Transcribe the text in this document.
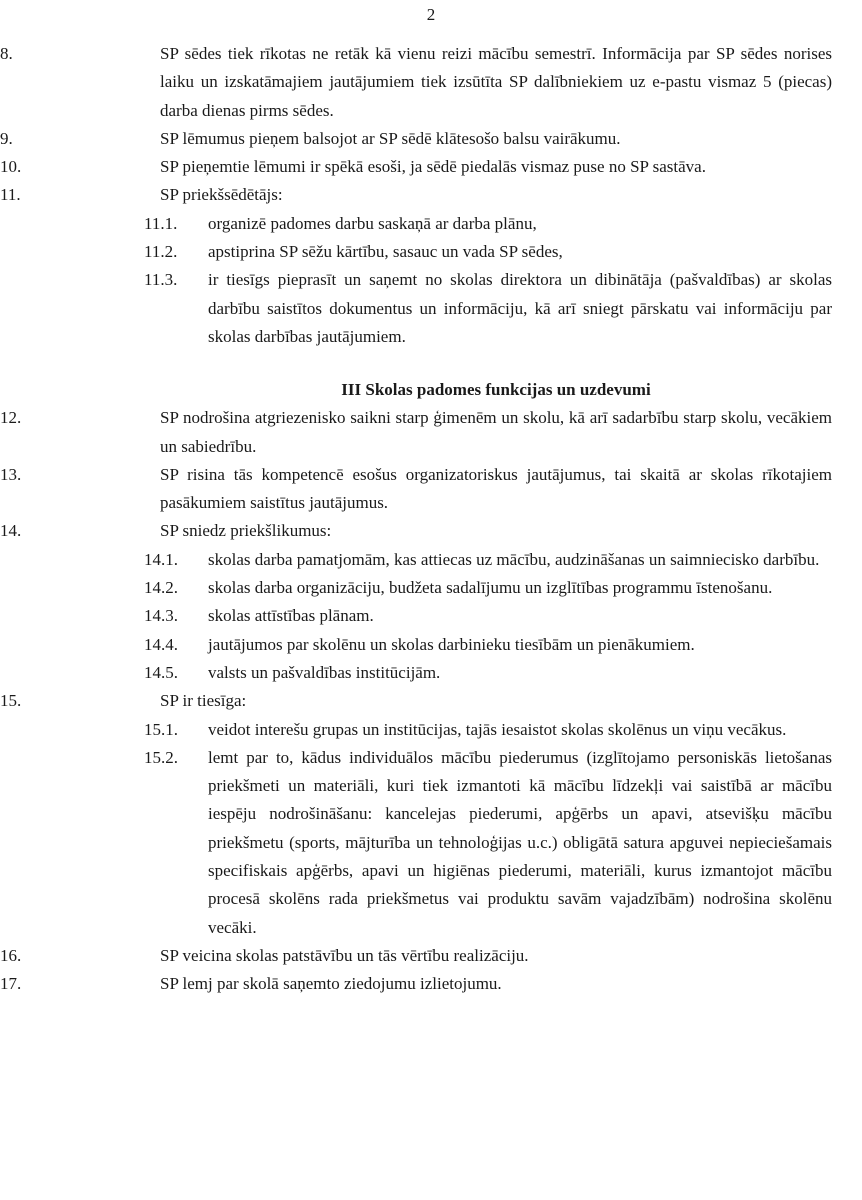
2
8.	SP sēdes tiek rīkotas ne retāk kā vienu reizi mācību semestrī. Informācija par SP sēdes norises laiku un izskatāmajiem jautājumiem tiek izsūtīta SP dalībniekiem uz e-pastu vismaz 5 (piecas) darba dienas pirms sēdes.
9.	SP lēmumus pieņem balsojot ar SP sēdē klātesošo balsu vairākumu.
10.	SP pieņemtie lēmumi ir spēkā esoši, ja sēdē piedalās vismaz puse no SP sastāva.
11.	SP priekšsēdētājs:
11.1.	organizē padomes darbu saskaņā ar darba plānu,
11.2.	apstiprina SP sēžu kārtību, sasauc un vada SP sēdes,
11.3.	ir tiesīgs pieprasīt un saņemt no skolas direktora un dibinātāja (pašvaldības) ar skolas darbību saistītos dokumentus un informāciju, kā arī sniegt pārskatu vai informāciju par skolas darbības jautājumiem.
III Skolas padomes funkcijas un uzdevumi
12.	SP nodrošina atgriezenisko saikni starp ģimenēm un skolu, kā arī sadarbību starp skolu, vecākiem un sabiedrību.
13.	SP risina tās kompetencē esošus organizatoriskus jautājumus, tai skaitā ar skolas rīkotajiem pasākumiem saistītus jautājumus.
14.	SP sniedz priekšlikumus:
14.1.	skolas darba pamatjomām, kas attiecas uz mācību, audzināšanas un saimniecisko darbību.
14.2.	skolas darba organizāciju, budžeta sadalījumu un izglītības programmu īstenošanu.
14.3.	skolas attīstības plānam.
14.4.	jautājumos par skolēnu un skolas darbinieku tiesībām un pienākumiem.
14.5.	valsts un pašvaldības institūcijām.
15.	SP ir tiesīga:
15.1.	veidot interešu grupas un institūcijas, tajās iesaistot skolas skolēnus un viņu vecākus.
15.2.	lemt par to, kādus individuālos mācību piederumus (izglītojamo personiskās lietošanas priekšmeti un materiāli, kuri tiek izmantoti kā mācību līdzekļi vai saistībā ar mācību iespēju nodrošināšanu: kancelejas piederumi, apģērbs un apavi, atsevišķu mācību priekšmetu (sports, mājturība un tehnoloģijas u.c.) obligātā satura apguvei nepieciešamais specifiskais apģērbs, apavi un higiēnas piederumi, materiāli, kurus izmantojot mācību procesā skolēns rada priekšmetus vai produktu savām vajadzībām) nodrošina skolēnu vecāki.
16.	SP veicina skolas patstāvību un tās vērtību realizāciju.
17.	SP lemj par skolā saņemto ziedojumu izlietojumu.
